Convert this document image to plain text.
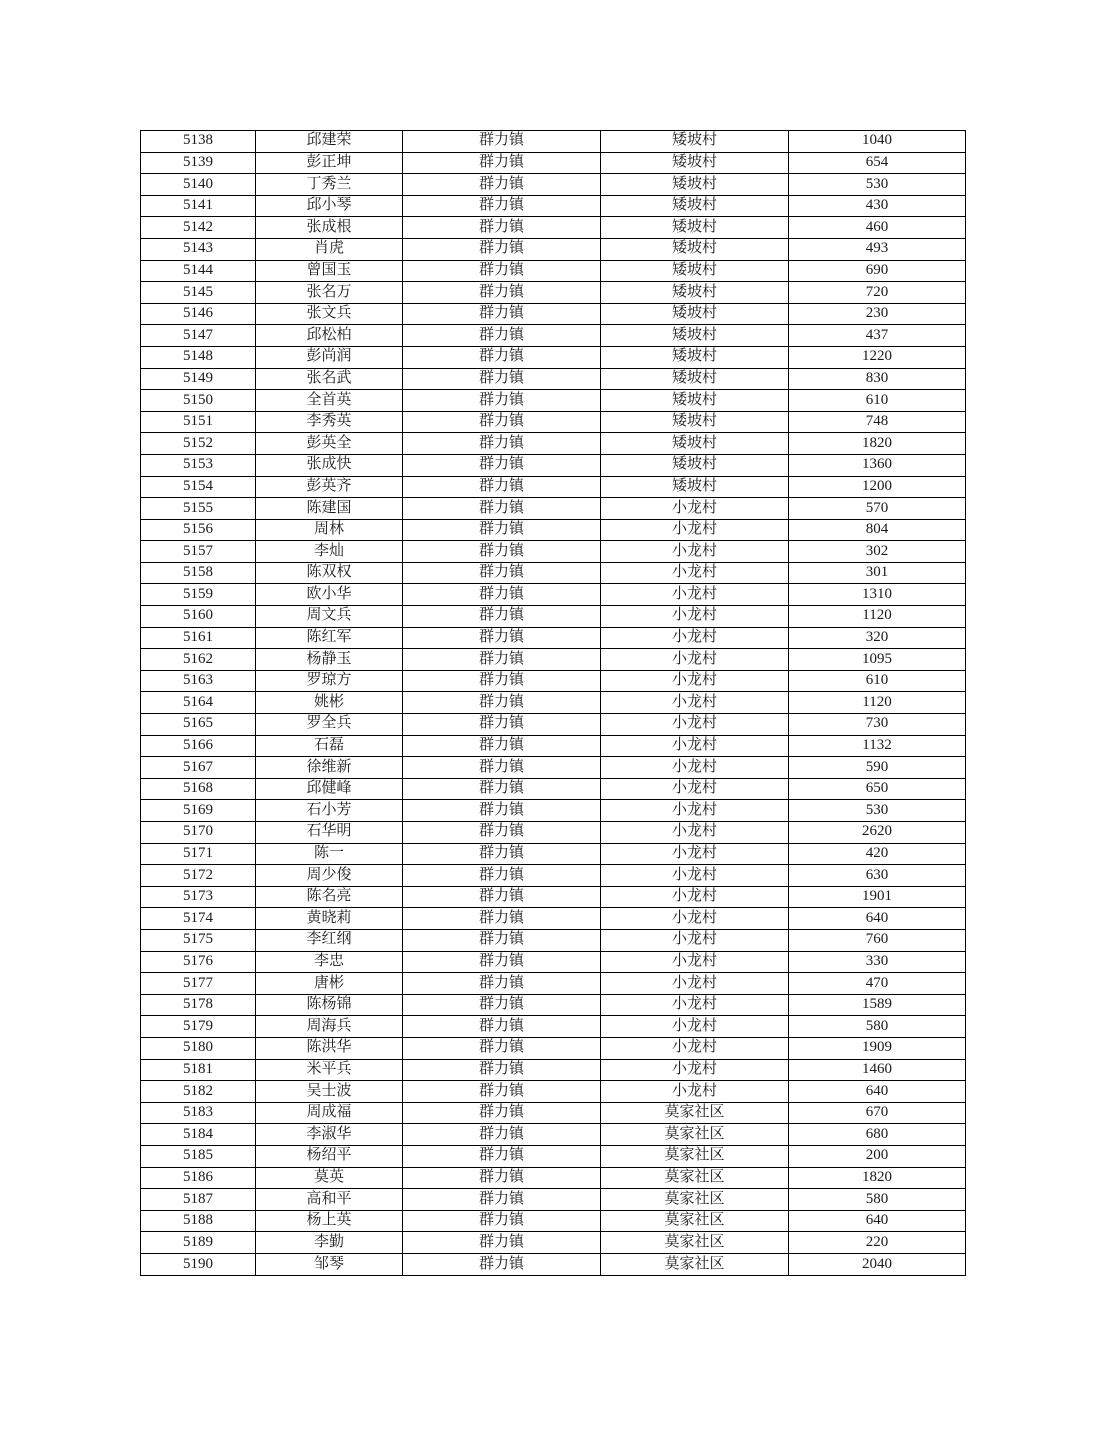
5138	邱建荣	群力镇	矮坡村	1040
5139	彭正坤	群力镇	矮坡村	654
5140	丁秀兰	群力镇	矮坡村	530
5141	邱小琴	群力镇	矮坡村	430
5142	张成根	群力镇	矮坡村	460
5143	肖虎	群力镇	矮坡村	493
5144	曾国玉	群力镇	矮坡村	690
5145	张名万	群力镇	矮坡村	720
5146	张文兵	群力镇	矮坡村	230
5147	邱松柏	群力镇	矮坡村	437
5148	彭尚润	群力镇	矮坡村	1220
5149	张名武	群力镇	矮坡村	830
5150	全首英	群力镇	矮坡村	610
5151	李秀英	群力镇	矮坡村	748
5152	彭英全	群力镇	矮坡村	1820
5153	张成快	群力镇	矮坡村	1360
5154	彭英齐	群力镇	矮坡村	1200
5155	陈建国	群力镇	小龙村	570
5156	周林	群力镇	小龙村	804
5157	李灿	群力镇	小龙村	302
5158	陈双权	群力镇	小龙村	301
5159	欧小华	群力镇	小龙村	1310
5160	周文兵	群力镇	小龙村	1120
5161	陈红军	群力镇	小龙村	320
5162	杨静玉	群力镇	小龙村	1095
5163	罗琼方	群力镇	小龙村	610
5164	姚彬	群力镇	小龙村	1120
5165	罗全兵	群力镇	小龙村	730
5166	石磊	群力镇	小龙村	1132
5167	徐维新	群力镇	小龙村	590
5168	邱健峰	群力镇	小龙村	650
5169	石小芳	群力镇	小龙村	530
5170	石华明	群力镇	小龙村	2620
5171	陈一	群力镇	小龙村	420
5172	周少俊	群力镇	小龙村	630
5173	陈名亮	群力镇	小龙村	1901
5174	黄晓莉	群力镇	小龙村	640
5175	李红纲	群力镇	小龙村	760
5176	李忠	群力镇	小龙村	330
5177	唐彬	群力镇	小龙村	470
5178	陈杨锦	群力镇	小龙村	1589
5179	周海兵	群力镇	小龙村	580
5180	陈洪华	群力镇	小龙村	1909
5181	米平兵	群力镇	小龙村	1460
5182	吴士波	群力镇	小龙村	640
5183	周成福	群力镇	莫家社区	670
5184	李淑华	群力镇	莫家社区	680
5185	杨绍平	群力镇	莫家社区	200
5186	莫英	群力镇	莫家社区	1820
5187	高和平	群力镇	莫家社区	580
5188	杨上英	群力镇	莫家社区	640
5189	李勤	群力镇	莫家社区	220
5190	邹琴	群力镇	莫家社区	2040
